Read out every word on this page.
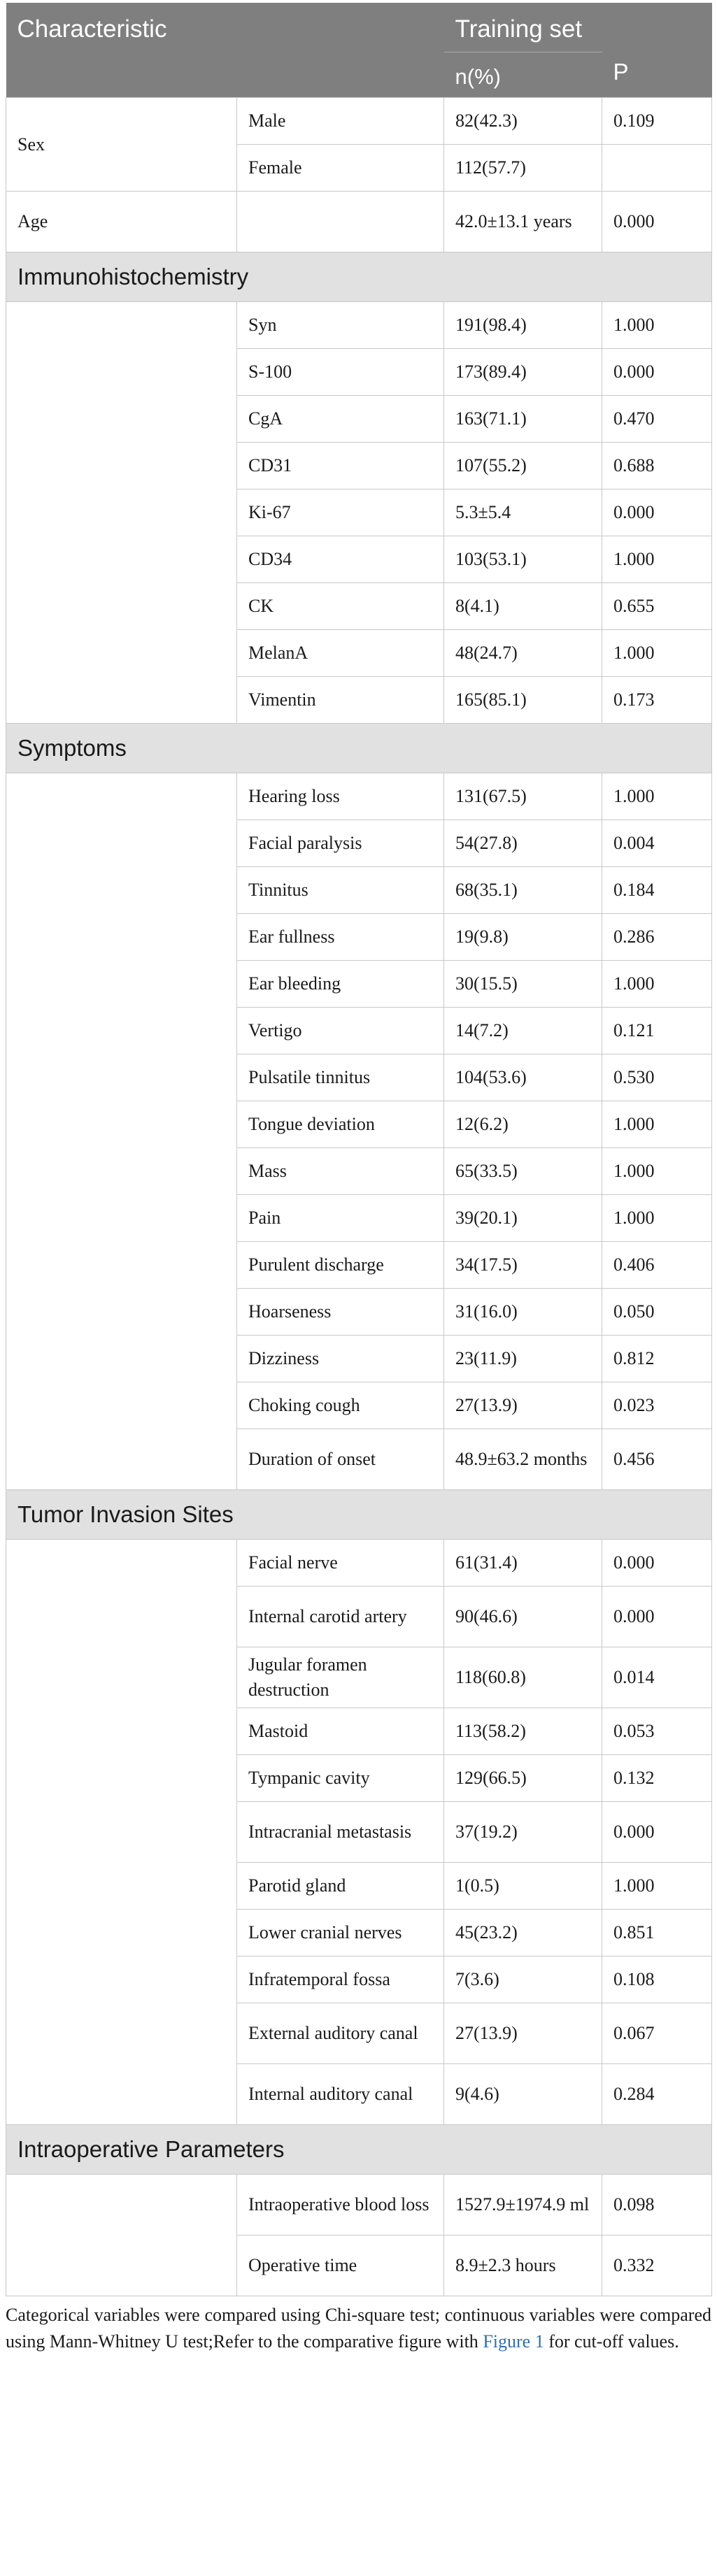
Characteristic		Training set	P
		n(%)	
Sex	Male	82(42.3)	0.109
	Female	112(57.7)	
Age		42.0±13.1 years	0.000
Immunohistochemistry			
	Syn	191(98.4)	1.000
	S-100	173(89.4)	0.000
	CgA	163(71.1)	0.470
	CD31	107(55.2)	0.688
	Ki-67	5.3±5.4	0.000
	CD34	103(53.1)	1.000
	CK	8(4.1)	0.655
	MelanA	48(24.7)	1.000
	Vimentin	165(85.1)	0.173
Symptoms			
	Hearing loss	131(67.5)	1.000
	Facial paralysis	54(27.8)	0.004
	Tinnitus	68(35.1)	0.184
	Ear fullness	19(9.8)	0.286
	Ear bleeding	30(15.5)	1.000
	Vertigo	14(7.2)	0.121
	Pulsatile tinnitus	104(53.6)	0.530
	Tongue deviation	12(6.2)	1.000
	Mass	65(33.5)	1.000
	Pain	39(20.1)	1.000
	Purulent discharge	34(17.5)	0.406
	Hoarseness	31(16.0)	0.050
	Dizziness	23(11.9)	0.812
	Choking cough	27(13.9)	0.023
	Duration of onset	48.9±63.2 months	0.456
Tumor Invasion Sites			
	Facial nerve	61(31.4)	0.000
	Internal carotid artery	90(46.6)	0.000
	Jugular foramen destruction	118(60.8)	0.014
	Mastoid	113(58.2)	0.053
	Tympanic cavity	129(66.5)	0.132
	Intracranial metastasis	37(19.2)	0.000
	Parotid gland	1(0.5)	1.000
	Lower cranial nerves	45(23.2)	0.851
	Infratemporal fossa	7(3.6)	0.108
	External auditory canal	27(13.9)	0.067
	Internal auditory canal	9(4.6)	0.284
Intraoperative Parameters			
	Intraoperative blood loss	1527.9±1974.9 ml	0.098
	Operative time	8.9±2.3 hours	0.332
Categorical variables were compared using Chi-square test; continuous variables were compared using Mann-Whitney U test;Refer to the comparative figure with Figure 1 for cut-off values.
